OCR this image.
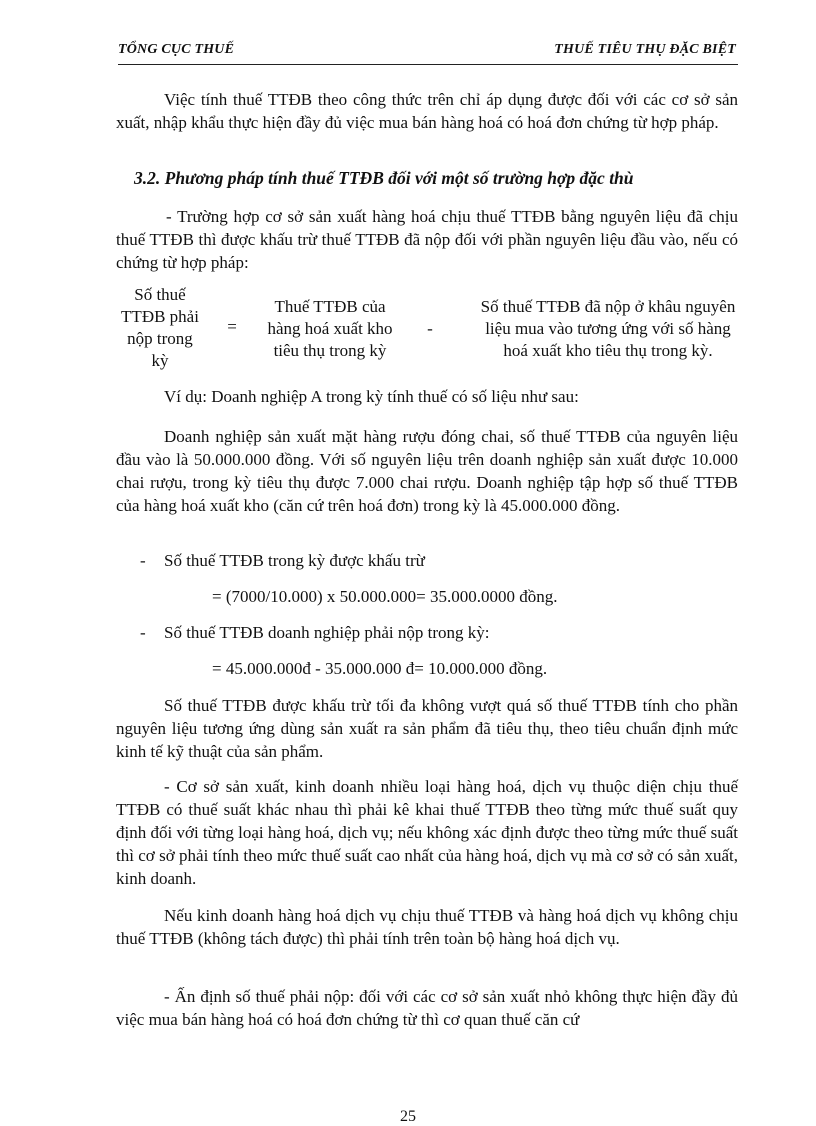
TỔNG CỤC THUẾ	THUẾ TIÊU THỤ ĐẶC BIỆT
Việc tính thuế TTĐB theo công thức trên chỉ áp dụng được đối với các cơ sở sản xuất, nhập khẩu thực hiện đầy đủ việc mua bán hàng hoá có hoá đơn chứng từ hợp pháp.
3.2. Phương pháp tính thuế TTĐB đối với một số trường hợp đặc thù
- Trường hợp cơ sở sản xuất hàng hoá chịu thuế TTĐB bằng nguyên liệu đã chịu thuế TTĐB thì được khấu trừ thuế TTĐB đã nộp đối với phần nguyên liệu đầu vào, nếu có chứng từ hợp pháp:
Số thuế
TTĐB phải
nộp trong
kỳ
=
Thuế TTĐB của
hàng hoá xuất kho
tiêu thụ trong kỳ
-
Số thuế TTĐB đã nộp ở khâu nguyên
liệu mua vào tương ứng với số hàng
hoá xuất kho tiêu thụ trong kỳ.
Ví dụ: Doanh nghiệp A trong kỳ tính thuế có số liệu như sau:
Doanh nghiệp sản xuất mặt hàng rượu đóng chai, số thuế TTĐB của nguyên liệu đầu vào là 50.000.000 đồng. Với số nguyên liệu trên doanh nghiệp sản xuất được 10.000 chai rượu, trong kỳ tiêu thụ được 7.000 chai rượu. Doanh nghiệp tập hợp số thuế TTĐB của hàng hoá xuất kho (căn cứ trên hoá đơn) trong kỳ là 45.000.000 đồng.
- Số thuế TTĐB trong kỳ được khấu trừ
= (7000/10.000) x 50.000.000= 35.000.0000 đồng.
- Số thuế TTĐB doanh nghiệp phải nộp trong kỳ:
= 45.000.000đ - 35.000.000 đ= 10.000.000 đồng.
Số thuế TTĐB được khấu trừ tối đa không vượt quá số thuế TTĐB tính cho phần nguyên liệu tương ứng dùng sản xuất ra sản phẩm đã tiêu thụ, theo tiêu chuẩn định mức kinh tế kỹ thuật của sản phẩm.
- Cơ sở sản xuất, kinh doanh nhiều loại hàng hoá, dịch vụ thuộc diện chịu thuế TTĐB có thuế suất khác nhau thì phải kê khai thuế TTĐB theo từng mức thuế suất quy định đối với từng loại hàng hoá, dịch vụ; nếu không xác định được theo từng mức thuế suất thì cơ sở phải tính theo mức thuế suất cao nhất của hàng hoá, dịch vụ mà cơ sở có sản xuất, kinh doanh.
Nếu kinh doanh hàng hoá dịch vụ chịu thuế TTĐB và hàng hoá dịch vụ không chịu thuế TTĐB (không tách được) thì phải tính trên toàn bộ hàng hoá dịch vụ.
- Ấn định số thuế phải nộp: đối với các cơ sở sản xuất nhỏ không thực hiện đầy đủ việc mua bán hàng hoá có hoá đơn chứng từ thì cơ quan thuế căn cứ
25
